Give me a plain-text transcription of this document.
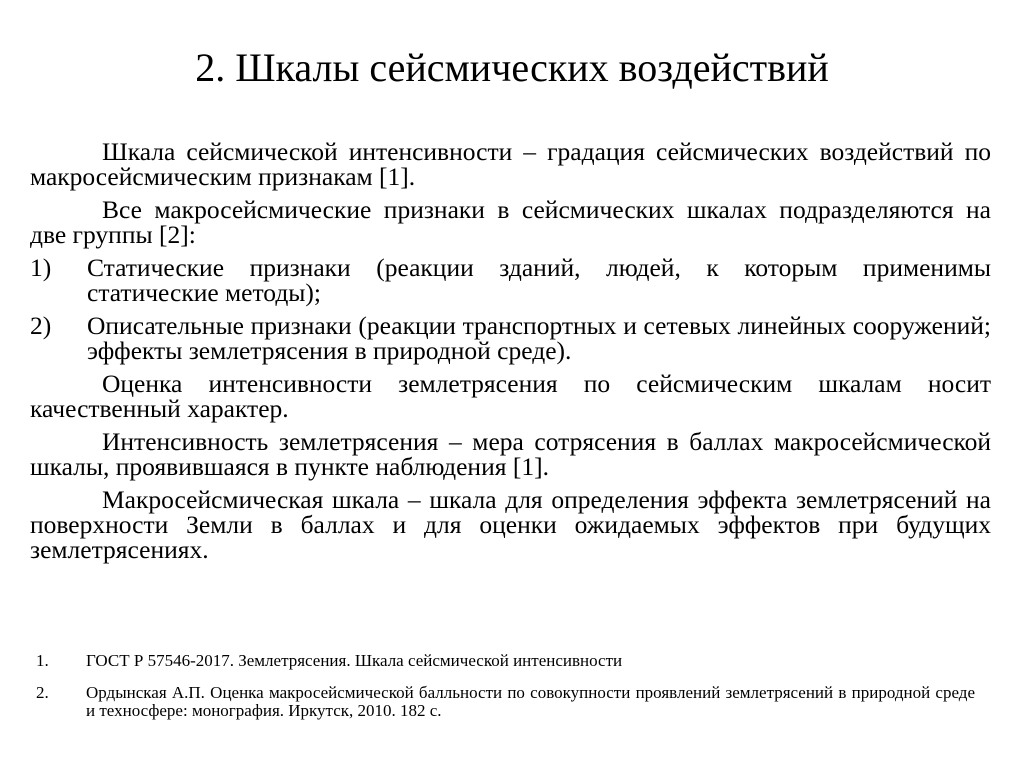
2. Шкалы сейсмических воздействий

Шкала сейсмической интенсивности – градация сейсмических воздействий по макросейсмическим признакам [1].

Все макросейсмические признаки в сейсмических шкалах подразделяются на две группы [2]:

1)	Статические признаки (реакции зданий, людей, к которым применимы статические методы);
2)	Описательные признаки (реакции транспортных и сетевых линейных сооружений; эффекты землетрясения в природной среде).

Оценка интенсивности землетрясения по сейсмическим шкалам носит качественный характер.

Интенсивность землетрясения – мера сотрясения в баллах макросейсмической шкалы, проявившаяся в пункте наблюдения [1].

Макросейсмическая шкала – шкала для определения эффекта землетрясений на поверхности Земли в баллах и для оценки ожидаемых эффектов при будущих землетрясениях.

1.	ГОСТ Р 57546-2017. Землетрясения. Шкала сейсмической интенсивности
2.	Ордынская А.П. Оценка макросейсмической балльности по совокупности проявлений землетрясений в природной среде и техносфере: монография. Иркутск, 2010. 182 с.
